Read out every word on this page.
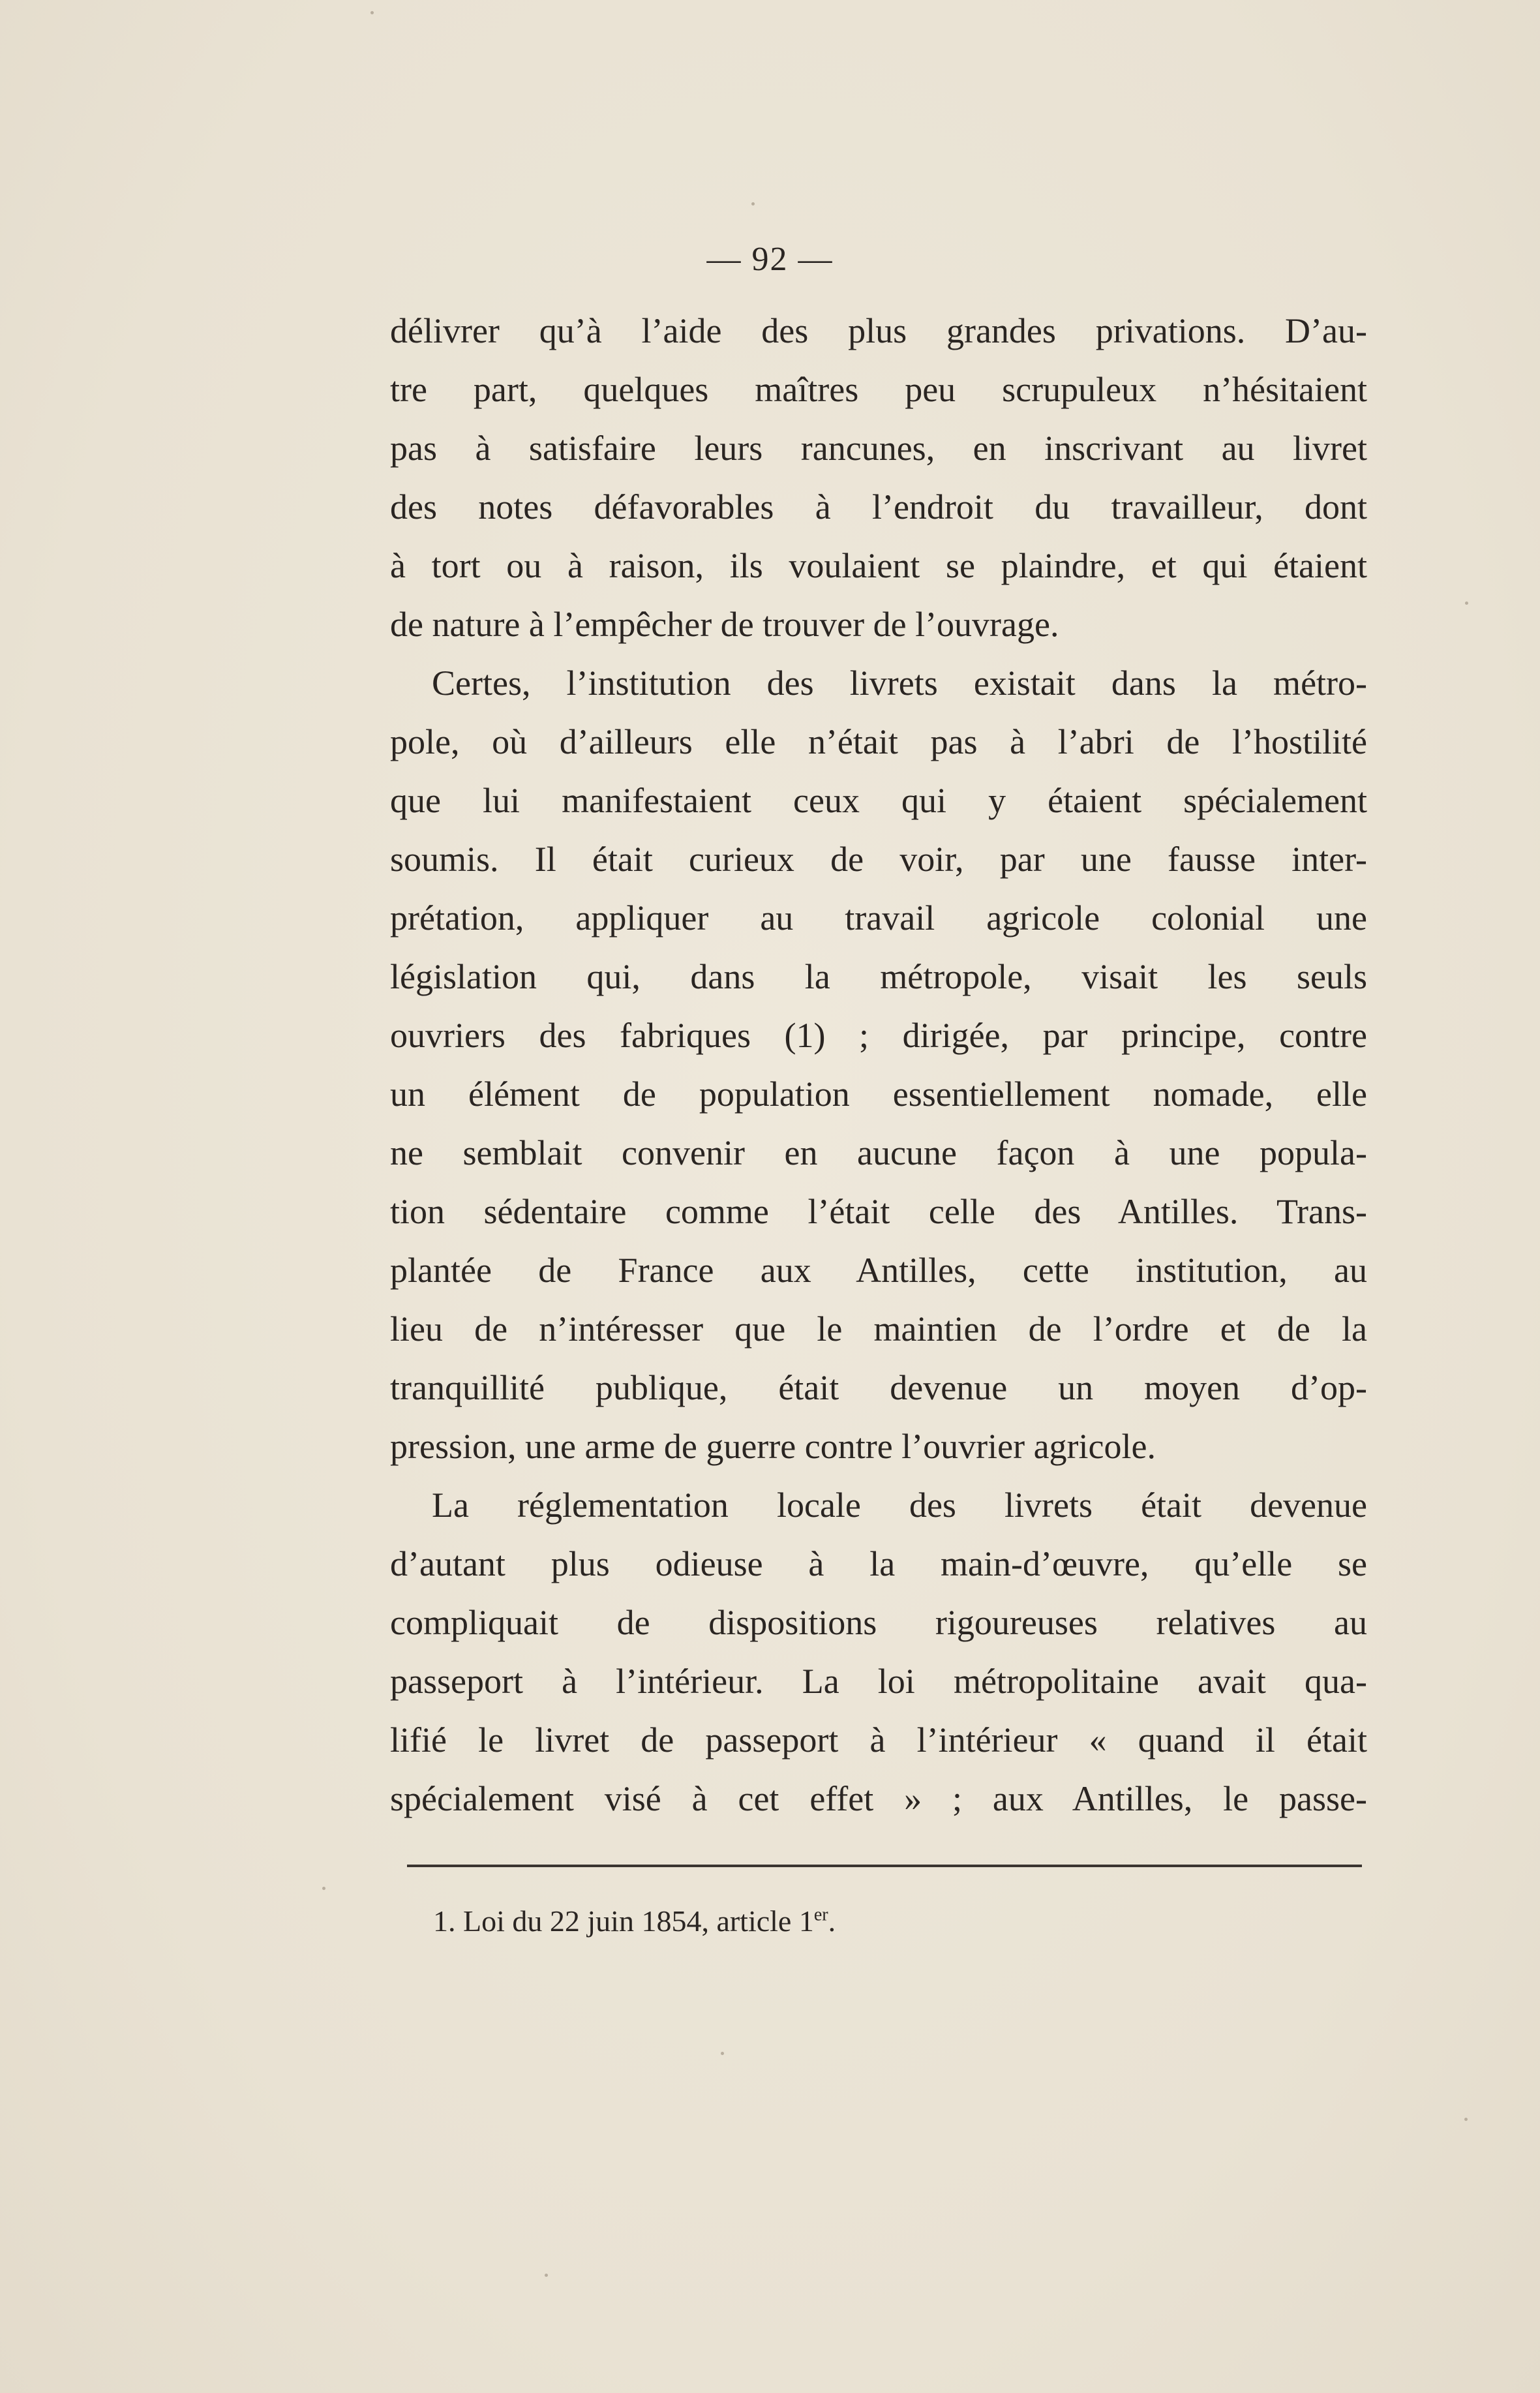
— 92 —

délivrer qu’à l’aide des plus grandes privations. D’au-

tre part, quelques maîtres peu scrupuleux n’hésitaient

pas à satisfaire leurs rancunes, en inscrivant au livret

des notes défavorables à l’endroit du travailleur, dont

à tort ou à raison, ils voulaient se plaindre, et qui étaient

de nature à l’empêcher de trouver de l’ouvrage.

Certes, l’institution des livrets existait dans la métro-

pole, où d’ailleurs elle n’était pas à l’abri de l’hostilité

que lui manifestaient ceux qui y étaient spécialement

soumis. Il était curieux de voir, par une fausse inter-

prétation, appliquer au travail agricole colonial une

législation qui, dans la métropole, visait les seuls

ouvriers des fabriques (1) ; dirigée, par principe, contre

un élément de population essentiellement nomade, elle

ne semblait convenir en aucune façon à une popula-

tion sédentaire comme l’était celle des Antilles. Trans-

plantée de France aux Antilles, cette institution, au

lieu de n’intéresser que le maintien de l’ordre et de la

tranquillité publique, était devenue un moyen d’op-

pression, une arme de guerre contre l’ouvrier agricole.

La réglementation locale des livrets était devenue

d’autant plus odieuse à la main-d’œuvre, qu’elle se

compliquait de dispositions rigoureuses relatives au

passeport à l’intérieur. La loi métropolitaine avait qua-

lifié le livret de passeport à l’intérieur « quand il était

spécialement visé à cet effet » ; aux Antilles, le passe-

1. Loi du 22 juin 1854, article 1er.
